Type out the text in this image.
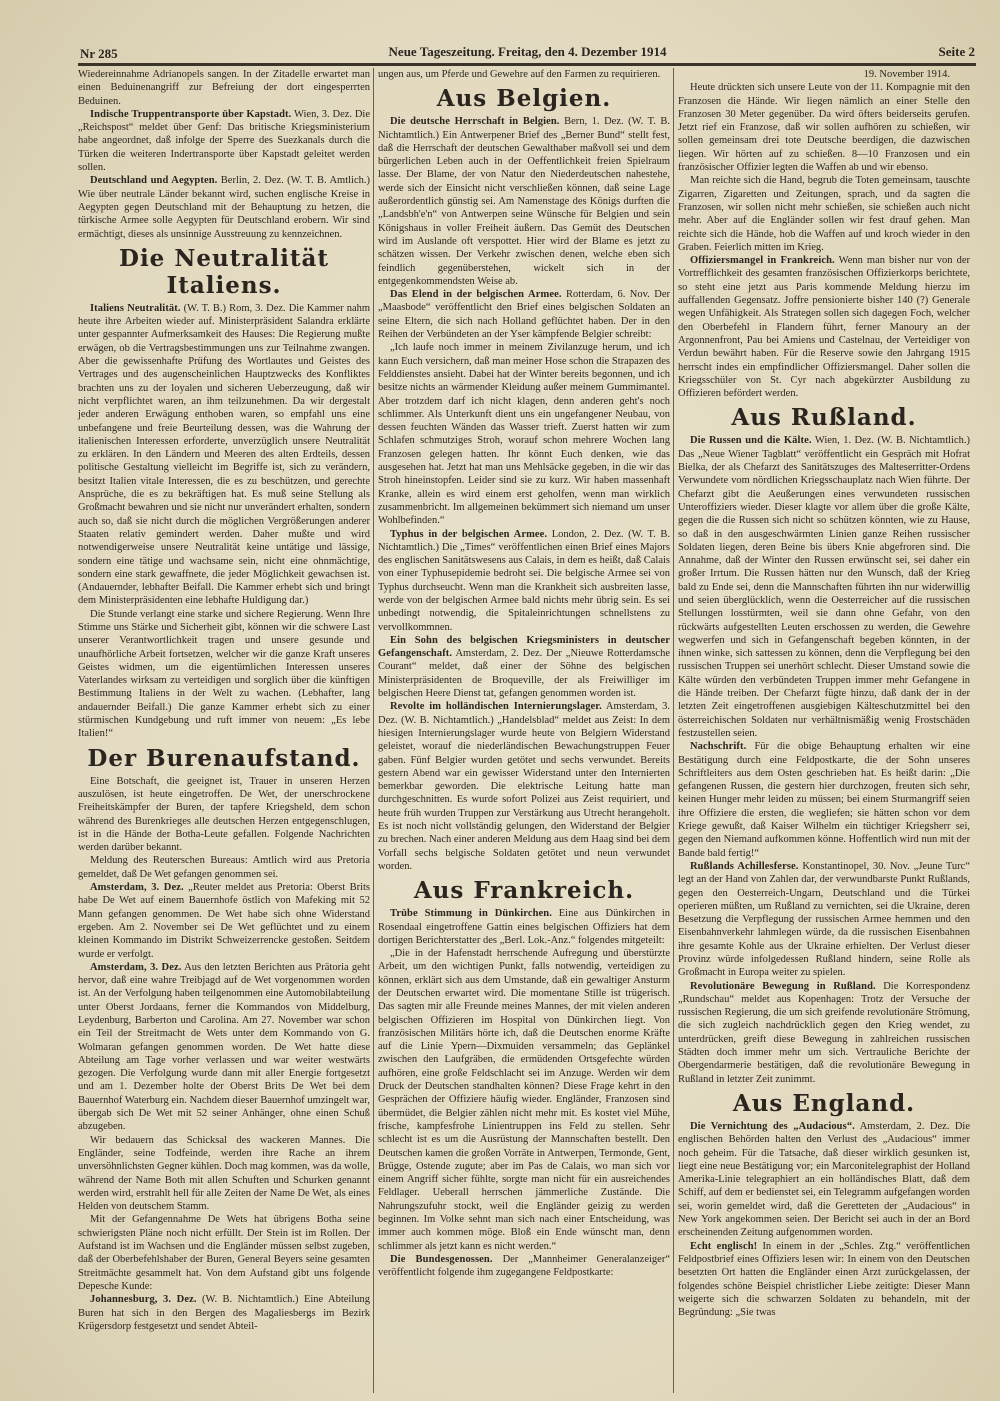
Nr 285	Neue Tageszeitung. Freitag, den 4. Dezember 1914	Seite 2

Wiedereinnahme Adrianopels sangen. In der Zitadelle erwartet man einen Beduinenangriff zur Befreiung der dort eingesperrten Beduinen.

Indische Truppentransporte über Kapstadt. Wien, 3. Dez. Die „Reichspost“ meldet über Genf: Das britische Kriegsministerium habe angeordnet, daß infolge der Sperre des Suezkanals durch die Türken die weiteren Indertransporte über Kapstadt geleitet werden sollen.

Deutschland und Aegypten. Berlin, 2. Dez. (W. T. B. Amtlich.) Wie über neutrale Länder bekannt wird, suchen englische Kreise in Aegypten gegen Deutschland mit der Behauptung zu hetzen, die türkische Armee solle Aegypten für Deutschland erobern. Wir sind ermächtigt, dieses als unsinnige Ausstreuung zu kennzeichnen.

Die Neutralität Italiens.

Italiens Neutralität. (W. T. B.) Rom, 3. Dez. Die Kammer nahm heute ihre Arbeiten wieder auf. Ministerpräsident Salandra erklärte unter gespannter Aufmerksamkeit des Hauses: Die Regierung mußte erwägen, ob die Vertragsbestimmungen uns zur Teilnahme zwangen. Aber die gewissenhafte Prüfung des Wortlautes und Geistes des Vertrages und des augenscheinlichen Hauptzwecks des Konfliktes brachten uns zu der loyalen und sicheren Ueberzeugung, daß wir nicht verpflichtet waren, an ihm teilzunehmen. Da wir dergestalt jeder anderen Erwägung enthoben waren, so empfahl uns eine unbefangene und freie Beurteilung dessen, was die Wahrung der italienischen Interessen erforderte, unverzüglich unsere Neutralität zu erklären. In den Ländern und Meeren des alten Erdteils, dessen politische Gestaltung vielleicht im Begriffe ist, sich zu verändern, besitzt Italien vitale Interessen, die es zu beschützen, und gerechte Ansprüche, die es zu bekräftigen hat. Es muß seine Stellung als Großmacht bewahren und sie nicht nur unverändert erhalten, sondern auch so, daß sie nicht durch die möglichen Vergrößerungen anderer Staaten relativ gemindert werden. Daher mußte und wird notwendigerweise unsere Neutralität keine untätige und lässige, sondern eine tätige und wachsame sein, nicht eine ohnmächtige, sondern eine stark gewaffnete, die jeder Möglichkeit gewachsen ist. (Andauernder, lebhafter Beifall. Die Kammer erhebt sich und bringt dem Ministerpräsidenten eine lebhafte Huldigung dar.)

Die Stunde verlangt eine starke und sichere Regierung. Wenn Ihre Stimme uns Stärke und Sicherheit gibt, können wir die schwere Last unserer Verantwortlichkeit tragen und unsere gesunde und unaufhörliche Arbeit fortsetzen, welcher wir die ganze Kraft unseres Geistes widmen, um die eigentümlichen Interessen unseres Vaterlandes wirksam zu verteidigen und sorglich über die künftigen Bestimmung Italiens in der Welt zu wachen. (Lebhafter, lang andauernder Beifall.) Die ganze Kammer erhebt sich zu einer stürmischen Kundgebung und ruft immer von neuem: „Es lebe Italien!“

Der Burenaufstand.

Eine Botschaft, die geeignet ist, Trauer in unseren Herzen auszulösen, ist heute eingetroffen. De Wet, der unerschrockene Freiheitskämpfer der Buren, der tapfere Kriegsheld, dem schon während des Burenkrieges alle deutschen Herzen entgegenschlugen, ist in die Hände der Botha-Leute gefallen. Folgende Nachrichten werden darüber bekannt.

Meldung des Reuterschen Bureaus: Amtlich wird aus Pretoria gemeldet, daß De Wet gefangen genommen sei.

Amsterdam, 3. Dez. „Reuter meldet aus Pretoria: Oberst Brits habe De Wet auf einem Bauernhofe östlich von Mafeking mit 52 Mann gefangen genommen. De Wet habe sich ohne Widerstand ergeben. Am 2. November sei De Wet geflüchtet und zu einem kleinen Kommando im Distrikt Schweizerrencke gestoßen. Seitdem wurde er verfolgt.

Amsterdam, 3. Dez. Aus den letzten Berichten aus Prätoria geht hervor, daß eine wahre Treibjagd auf de Wet vorgenommen worden ist. An der Verfolgung haben teilgenommen eine Automobilabteilung unter Oberst Jordaans, ferner die Kommandos von Middelburg, Leydenburg, Barberton und Carolina. Am 27. November war schon ein Teil der Streitmacht de Wets unter dem Kommando von G. Wolmaran gefangen genommen worden. De Wet hatte diese Abteilung am Tage vorher verlassen und war weiter westwärts gezogen. Die Verfolgung wurde dann mit aller Energie fortgesetzt und am 1. Dezember holte der Oberst Brits De Wet bei dem Bauernhof Waterburg ein. Nachdem dieser Bauernhof umzingelt war, übergab sich De Wet mit 52 seiner Anhänger, ohne einen Schuß abzugeben.

Wir bedauern das Schicksal des wackeren Mannes. Die Engländer, seine Todfeinde, werden ihre Rache an ihrem unversöhnlichsten Gegner kühlen. Doch mag kommen, was da wolle, während der Name Both mit allen Schuften und Schurken genannt werden wird, erstrahlt hell für alle Zeiten der Name De Wet, als eines Helden von deutschem Stamm.

Mit der Gefangennahme De Wets hat übrigens Botha seine schwierigsten Pläne noch nicht erfüllt. Der Stein ist im Rollen. Der Aufstand ist im Wachsen und die Engländer müssen selbst zugeben, daß der Oberbefehlshaber der Buren, General Beyers seine gesamten Streitmächte gesammelt hat. Von dem Aufstand gibt uns folgende Depesche Kunde:

Johannesburg, 3. Dez. (W. B. Nichtamtlich.) Eine Abteilung Buren hat sich in den Bergen des Magaliesbergs im Bezirk Krügersdorp festgesetzt und sendet Abteil-

ungen aus, um Pferde und Gewehre auf den Farmen zu requirieren.

Aus Belgien.

Die deutsche Herrschaft in Belgien. Bern, 1. Dez. (W. T. B. Nichtamtlich.) Ein Antwerpener Brief des „Berner Bund“ stellt fest, daß die Herrschaft der deutschen Gewalthaber maßvoll sei und dem bürgerlichen Leben auch in der Oeffentlichkeit freien Spielraum lasse. Der Blame, der von Natur den Niederdeutschen nahestehe, werde sich der Einsicht nicht verschließen können, daß seine Lage außerordentlich günstig sei. Am Namenstage des Königs durften die „Landsbh'e'n“ von Antwerpen seine Wünsche für Belgien und sein Königshaus in voller Freiheit äußern. Das Gemüt des Deutschen wird im Auslande oft verspottet. Hier wird der Blame es jetzt zu schätzen wissen. Der Verkehr zwischen denen, welche eben sich feindlich gegenüberstehen, wickelt sich in der entgegenkommendsten Weise ab.

Das Elend in der belgischen Armee. Rotterdam, 6. Nov. Der „Maasbode“ veröffentlicht den Brief eines belgischen Soldaten an seine Eltern, die sich nach Holland geflüchtet haben. Der in den Reihen der Verbündeten an der Yser kämpfende Belgier schreibt:

„Ich laufe noch immer in meinem Zivilanzuge herum, und ich kann Euch versichern, daß man meiner Hose schon die Strapazen des Felddienstes ansieht. Dabei hat der Winter bereits begonnen, und ich besitze nichts an wärmender Kleidung außer meinem Gummimantel. Aber trotzdem darf ich nicht klagen, denn anderen geht's noch schlimmer. Als Unterkunft dient uns ein ungefangener Neubau, von dessen feuchten Wänden das Wasser trieft. Zuerst hatten wir zum Schlafen schmutziges Stroh, worauf schon mehrere Wochen lang Franzosen gelegen hatten. Ihr könnt Euch denken, wie das ausgesehen hat. Jetzt hat man uns Mehlsäcke gegeben, in die wir das Stroh hineinstopfen. Leider sind sie zu kurz. Wir haben massenhaft Kranke, allein es wird einem erst geholfen, wenn man wirklich zusammenbricht. Im allgemeinen bekümmert sich niemand um unser Wohlbefinden.“

Typhus in der belgischen Armee. London, 2. Dez. (W. T. B. Nichtamtlich.) Die „Times“ veröffentlichen einen Brief eines Majors des englischen Sanitätswesens aus Calais, in dem es heißt, daß Calais von einer Typhusepidemie bedroht sei. Die belgische Armee sei von Typhus durchseucht. Wenn man die Krankheit sich ausbreiten lasse, werde von der belgischen Armee bald nichts mehr übrig sein. Es sei unbedingt notwendig, die Spitaleinrichtungen schnellstens zu vervollkommnen.

Ein Sohn des belgischen Kriegsministers in deutscher Gefangenschaft. Amsterdam, 2. Dez. Der „Nieuwe Rotterdamsche Courant“ meldet, daß einer der Söhne des belgischen Ministerpräsidenten de Broqueville, der als Freiwilliger im belgischen Heere Dienst tat, gefangen genommen worden ist.

Revolte im holländischen Internierungslager. Amsterdam, 3. Dez. (W. B. Nichtamtlich.) „Handelsblad“ meldet aus Zeist: In dem hiesigen Internierungslager wurde heute von Belgiern Widerstand geleistet, worauf die niederländischen Bewachungstruppen Feuer gaben. Fünf Belgier wurden getötet und sechs verwundet. Bereits gestern Abend war ein gewisser Widerstand unter den Internierten bemerkbar geworden. Die elektrische Leitung hatte man durchgeschnitten. Es wurde sofort Polizei aus Zeist requiriert, und heute früh wurden Truppen zur Verstärkung aus Utrecht herangeholt. Es ist noch nicht vollständig gelungen, den Widerstand der Belgier zu brechen. Nach einer anderen Meldung aus dem Haag sind bei dem Vorfall sechs belgische Soldaten getötet und neun verwundet worden.

Aus Frankreich.

Trübe Stimmung in Dünkirchen. Eine aus Dünkirchen in Rosendaal eingetroffene Gattin eines belgischen Offiziers hat dem dortigen Berichterstatter des „Berl. Lok.-Anz.“ folgendes mitgeteilt:

„Die in der Hafenstadt herrschende Aufregung und überstürzte Arbeit, um den wichtigen Punkt, falls notwendig, verteidigen zu können, erklärt sich aus dem Umstande, daß ein gewaltiger Ansturm der Deutschen erwartet wird. Die momentane Stille ist trügerisch. Das sagten mir alle Freunde meines Mannes, der mit vielen anderen belgischen Offizieren im Hospital von Dünkirchen liegt. Von französischen Militärs hörte ich, daß die Deutschen enorme Kräfte auf die Linie Ypern—Dixmuiden versammeln; das Geplänkel zwischen den Laufgräben, die ermüdenden Ortsgefechte würden aufhören, eine große Feldschlacht sei im Anzuge. Werden wir dem Druck der Deutschen standhalten können? Diese Frage kehrt in den Gesprächen der Offiziere häufig wieder. Engländer, Franzosen sind übermüdet, die Belgier zählen nicht mehr mit. Es kostet viel Mühe, frische, kampfesfrohe Linientruppen ins Feld zu stellen. Sehr schlecht ist es um die Ausrüstung der Mannschaften bestellt. Den Deutschen kamen die großen Vorräte in Antwerpen, Termonde, Gent, Brügge, Ostende zugute; aber im Pas de Calais, wo man sich vor einem Angriff sicher fühlte, sorgte man nicht für ein ausreichendes Feldlager. Ueberall herrschen jämmerliche Zustände. Die Nahrungszufuhr stockt, weil die Engländer geizig zu werden beginnen. Im Volke sehnt man sich nach einer Entscheidung, was immer auch kommen möge. Bloß ein Ende wünscht man, denn schlimmer als jetzt kann es nicht werden.“

Die Bundesgenossen. Der „Mannheimer Generalanzeiger“ veröffentlicht folgende ihm zugegangene Feldpostkarte:

19. November 1914.

Heute drückten sich unsere Leute von der 11. Kompagnie mit den Franzosen die Hände. Wir liegen nämlich an einer Stelle den Franzosen 30 Meter gegenüber. Da wird öfters beiderseits gerufen. Jetzt rief ein Franzose, daß wir sollen aufhören zu schießen, wir sollen gemeinsam drei tote Deutsche beerdigen, die dazwischen liegen. Wir hörten auf zu schießen. 8—10 Franzosen und ein französischer Offizier legten die Waffen ab und wir ebenso.

Man reichte sich die Hand, begrub die Toten gemeinsam, tauschte Zigarren, Zigaretten und Zeitungen, sprach, und da sagten die Franzosen, wir sollen nicht mehr schießen, sie schießen auch nicht mehr. Aber auf die Engländer sollen wir fest drauf gehen. Man reichte sich die Hände, hob die Waffen auf und kroch wieder in den Graben. Feierlich mitten im Krieg.

Offiziersmangel in Frankreich. Wenn man bisher nur von der Vortrefflichkeit des gesamten französischen Offizierkorps berichtete, so steht eine jetzt aus Paris kommende Meldung hierzu im auffallenden Gegensatz. Joffre pensionierte bisher 140 (?) Generale wegen Unfähigkeit. Als Strategen sollen sich dagegen Foch, welcher den Oberbefehl in Flandern führt, ferner Manoury an der Argonnenfront, Pau bei Amiens und Castelnau, der Verteidiger von Verdun bewährt haben. Für die Reserve sowie den Jahrgang 1915 herrscht indes ein empfindlicher Offiziersmangel. Daher sollen die Kriegsschüler von St. Cyr nach abgekürzter Ausbildung zu Offizieren befördert werden.

Aus Rußland.

Die Russen und die Kälte. Wien, 1. Dez. (W. B. Nichtamtlich.) Das „Neue Wiener Tagblatt“ veröffentlicht ein Gespräch mit Hofrat Bielka, der als Chefarzt des Sanitätszuges des Malteserritter-Ordens Verwundete vom nördlichen Kriegsschauplatz nach Wien führte. Der Chefarzt gibt die Aeußerungen eines verwundeten russischen Unteroffiziers wieder. Dieser klagte vor allem über die große Kälte, gegen die die Russen sich nicht so schützen könnten, wie zu Hause, so daß in den ausgeschwärmten Linien ganze Reihen russischer Soldaten liegen, deren Beine bis übers Knie abgefroren sind. Die Annahme, daß der Winter den Russen erwünscht sei, sei daher ein großer Irrtum. Die Russen hätten nur den Wunsch, daß der Krieg bald zu Ende sei, denn die Mannschaften führten ihn nur widerwillig und seien überglücklich, wenn die Oesterreicher auf die russischen Stellungen losstürmten, weil sie dann ohne Gefahr, von den rückwärts aufgestellten Leuten erschossen zu werden, die Gewehre wegwerfen und sich in Gefangenschaft begeben könnten, in der ihnen winke, sich sattessen zu können, denn die Verpflegung bei den russischen Truppen sei unerhört schlecht. Dieser Umstand sowie die Kälte würden den verbündeten Truppen immer mehr Gefangene in die Hände treiben. Der Chefarzt fügte hinzu, daß dank der in der letzten Zeit eingetroffenen ausgiebigen Kälteschutzmittel bei den österreichischen Soldaten nur verhältnismäßig wenig Frostschäden festzustellen seien.

Nachschrift. Für die obige Behauptung erhalten wir eine Bestätigung durch eine Feldpostkarte, die der Sohn unseres Schriftleiters aus dem Osten geschrieben hat. Es heißt darin: „Die gefangenen Russen, die gestern hier durchzogen, freuten sich sehr, keinen Hunger mehr leiden zu müssen; bei einem Sturmangriff seien ihre Offiziere die ersten, die wegliefen; sie hätten schon vor dem Kriege gewußt, daß Kaiser Wilhelm ein tüchtiger Kriegsherr sei, gegen den Niemand aufkommen könne. Hoffentlich wird nun mit der Bande bald fertig!“

Rußlands Achillesferse. Konstantinopel, 30. Nov. „Jeune Turc“ legt an der Hand von Zahlen dar, der verwundbarste Punkt Rußlands, gegen den Oesterreich-Ungarn, Deutschland und die Türkei operieren müßten, um Rußland zu vernichten, sei die Ukraine, deren Besetzung die Verpflegung der russischen Armee hemmen und den Eisenbahnverkehr lahmlegen würde, da die russischen Eisenbahnen ihre gesamte Kohle aus der Ukraine erhielten. Der Verlust dieser Provinz würde infolgedessen Rußland hindern, seine Rolle als Großmacht in Europa weiter zu spielen.

Revolutionäre Bewegung in Rußland. Die Korrespondenz „Rundschau“ meldet aus Kopenhagen: Trotz der Versuche der russischen Regierung, die um sich greifende revolutionäre Strömung, die sich zugleich nachdrücklich gegen den Krieg wendet, zu unterdrücken, greift diese Bewegung in zahlreichen russischen Städten doch immer mehr um sich. Vertrauliche Berichte der Obergendarmerie bestätigen, daß die revolutionäre Bewegung in Rußland in letzter Zeit zunimmt.

Aus England.

Die Vernichtung des „Audacious“. Amsterdam, 2. Dez. Die englischen Behörden halten den Verlust des „Audacious“ immer noch geheim. Für die Tatsache, daß dieser wirklich gesunken ist, liegt eine neue Bestätigung vor; ein Marconitelegraphist der Holland Amerika-Linie telegraphiert an ein holländisches Blatt, daß dem Schiff, auf dem er bedienstet sei, ein Telegramm aufgefangen worden sei, worin gemeldet wird, daß die Geretteten der „Audacious“ in New York angekommen seien. Der Bericht sei auch in der an Bord erscheinenden Zeitung aufgenommen worden.

Echt englisch! In einem in der „Schles. Ztg.“ veröffentlichen Feldpostbrief eines Offiziers lesen wir: In einem von den Deutschen besetzten Ort hatten die Engländer einen Arzt zurückgelassen, der folgendes schöne Beispiel christlicher Liebe zeitigte: Dieser Mann weigerte sich die schwarzen Soldaten zu behandeln, mit der Begründung: „Sie twas
